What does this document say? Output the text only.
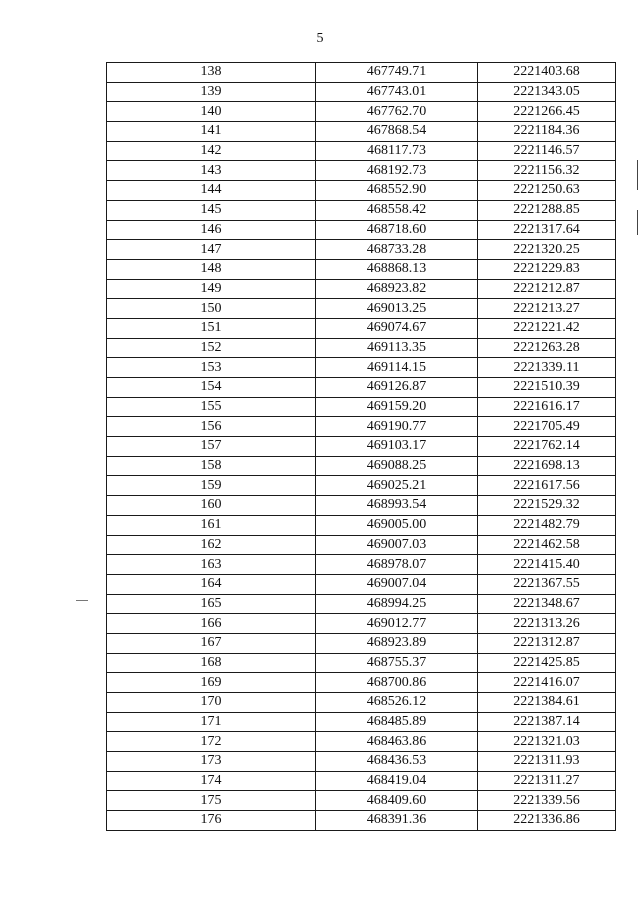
5
138	467749.71	2221403.68
139	467743.01	2221343.05
140	467762.70	2221266.45
141	467868.54	2221184.36
142	468117.73	2221146.57
143	468192.73	2221156.32
144	468552.90	2221250.63
145	468558.42	2221288.85
146	468718.60	2221317.64
147	468733.28	2221320.25
148	468868.13	2221229.83
149	468923.82	2221212.87
150	469013.25	2221213.27
151	469074.67	2221221.42
152	469113.35	2221263.28
153	469114.15	2221339.11
154	469126.87	2221510.39
155	469159.20	2221616.17
156	469190.77	2221705.49
157	469103.17	2221762.14
158	469088.25	2221698.13
159	469025.21	2221617.56
160	468993.54	2221529.32
161	469005.00	2221482.79
162	469007.03	2221462.58
163	468978.07	2221415.40
164	469007.04	2221367.55
165	468994.25	2221348.67
166	469012.77	2221313.26
167	468923.89	2221312.87
168	468755.37	2221425.85
169	468700.86	2221416.07
170	468526.12	2221384.61
171	468485.89	2221387.14
172	468463.86	2221321.03
173	468436.53	2221311.93
174	468419.04	2221311.27
175	468409.60	2221339.56
176	468391.36	2221336.86
